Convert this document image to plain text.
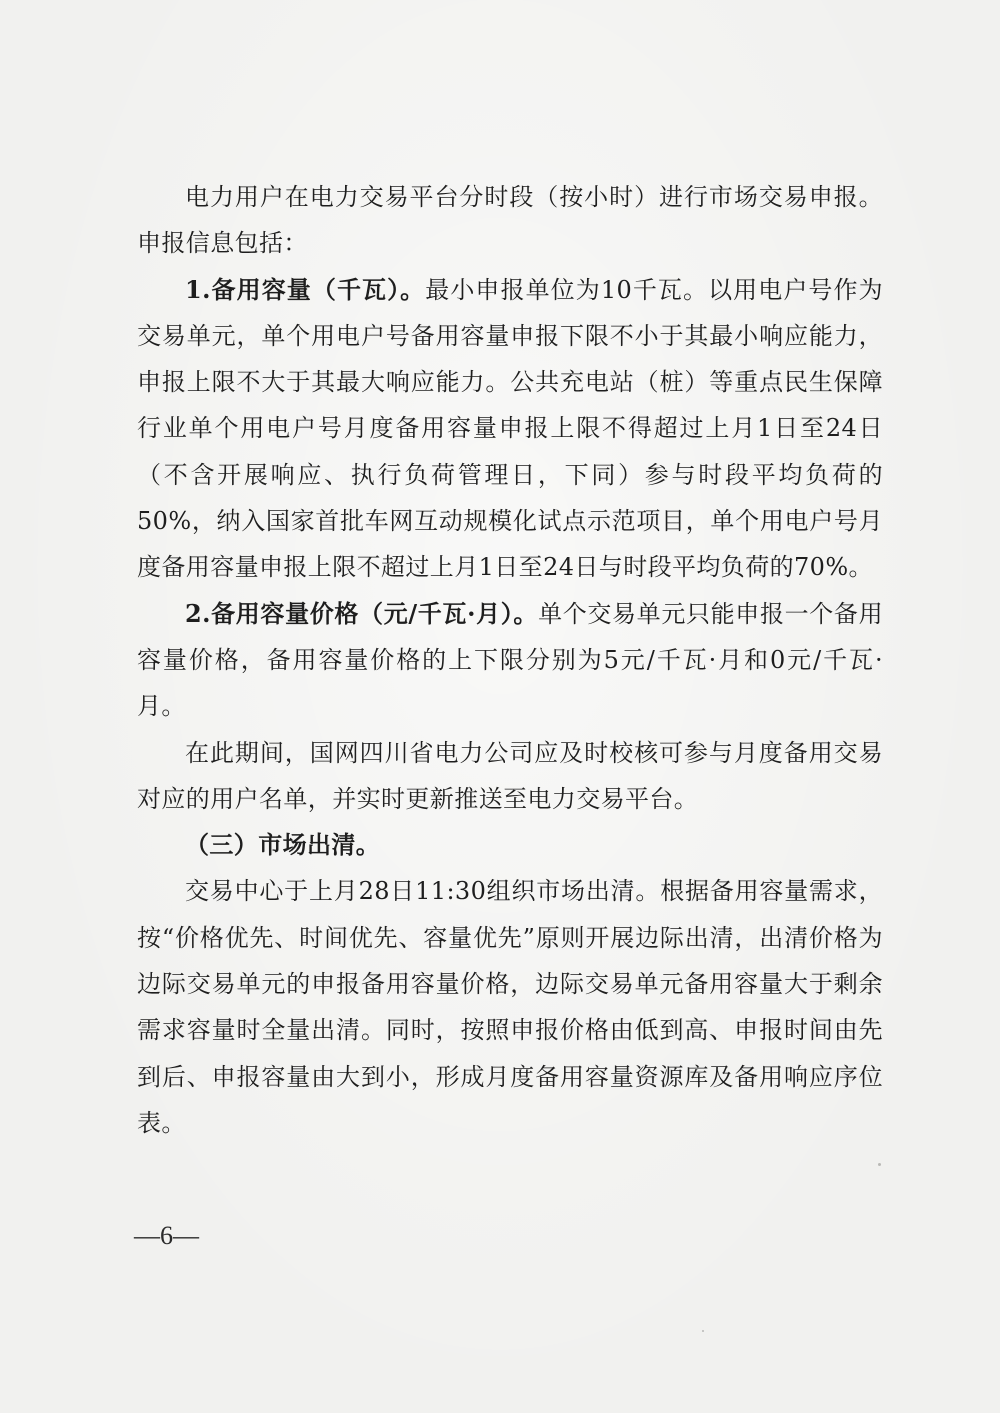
电力用户在电力交易平台分时段（按小时）进行市场交易申报。申报信息包括：

1.备用容量（千瓦）。最小申报单位为10千瓦。以用电户号作为交易单元，单个用电户号备用容量申报下限不小于其最小响应能力，申报上限不大于其最大响应能力。公共充电站（桩）等重点民生保障行业单个用电户号月度备用容量申报上限不得超过上月1日至24日（不含开展响应、执行负荷管理日，下同）参与时段平均负荷的50%，纳入国家首批车网互动规模化试点示范项目，单个用电户号月度备用容量申报上限不超过上月1日至24日与时段平均负荷的70%。

2.备用容量价格（元/千瓦·月）。单个交易单元只能申报一个备用容量价格，备用容量价格的上下限分别为5元/千瓦·月和0元/千瓦·月。

在此期间，国网四川省电力公司应及时校核可参与月度备用交易对应的用户名单，并实时更新推送至电力交易平台。

（三）市场出清。

交易中心于上月28日11:30组织市场出清。根据备用容量需求，按“价格优先、时间优先、容量优先”原则开展边际出清，出清价格为边际交易单元的申报备用容量价格，边际交易单元备用容量大于剩余需求容量时全量出清。同时，按照申报价格由低到高、申报时间由先到后、申报容量由大到小，形成月度备用容量资源库及备用响应序位表。

—6—
